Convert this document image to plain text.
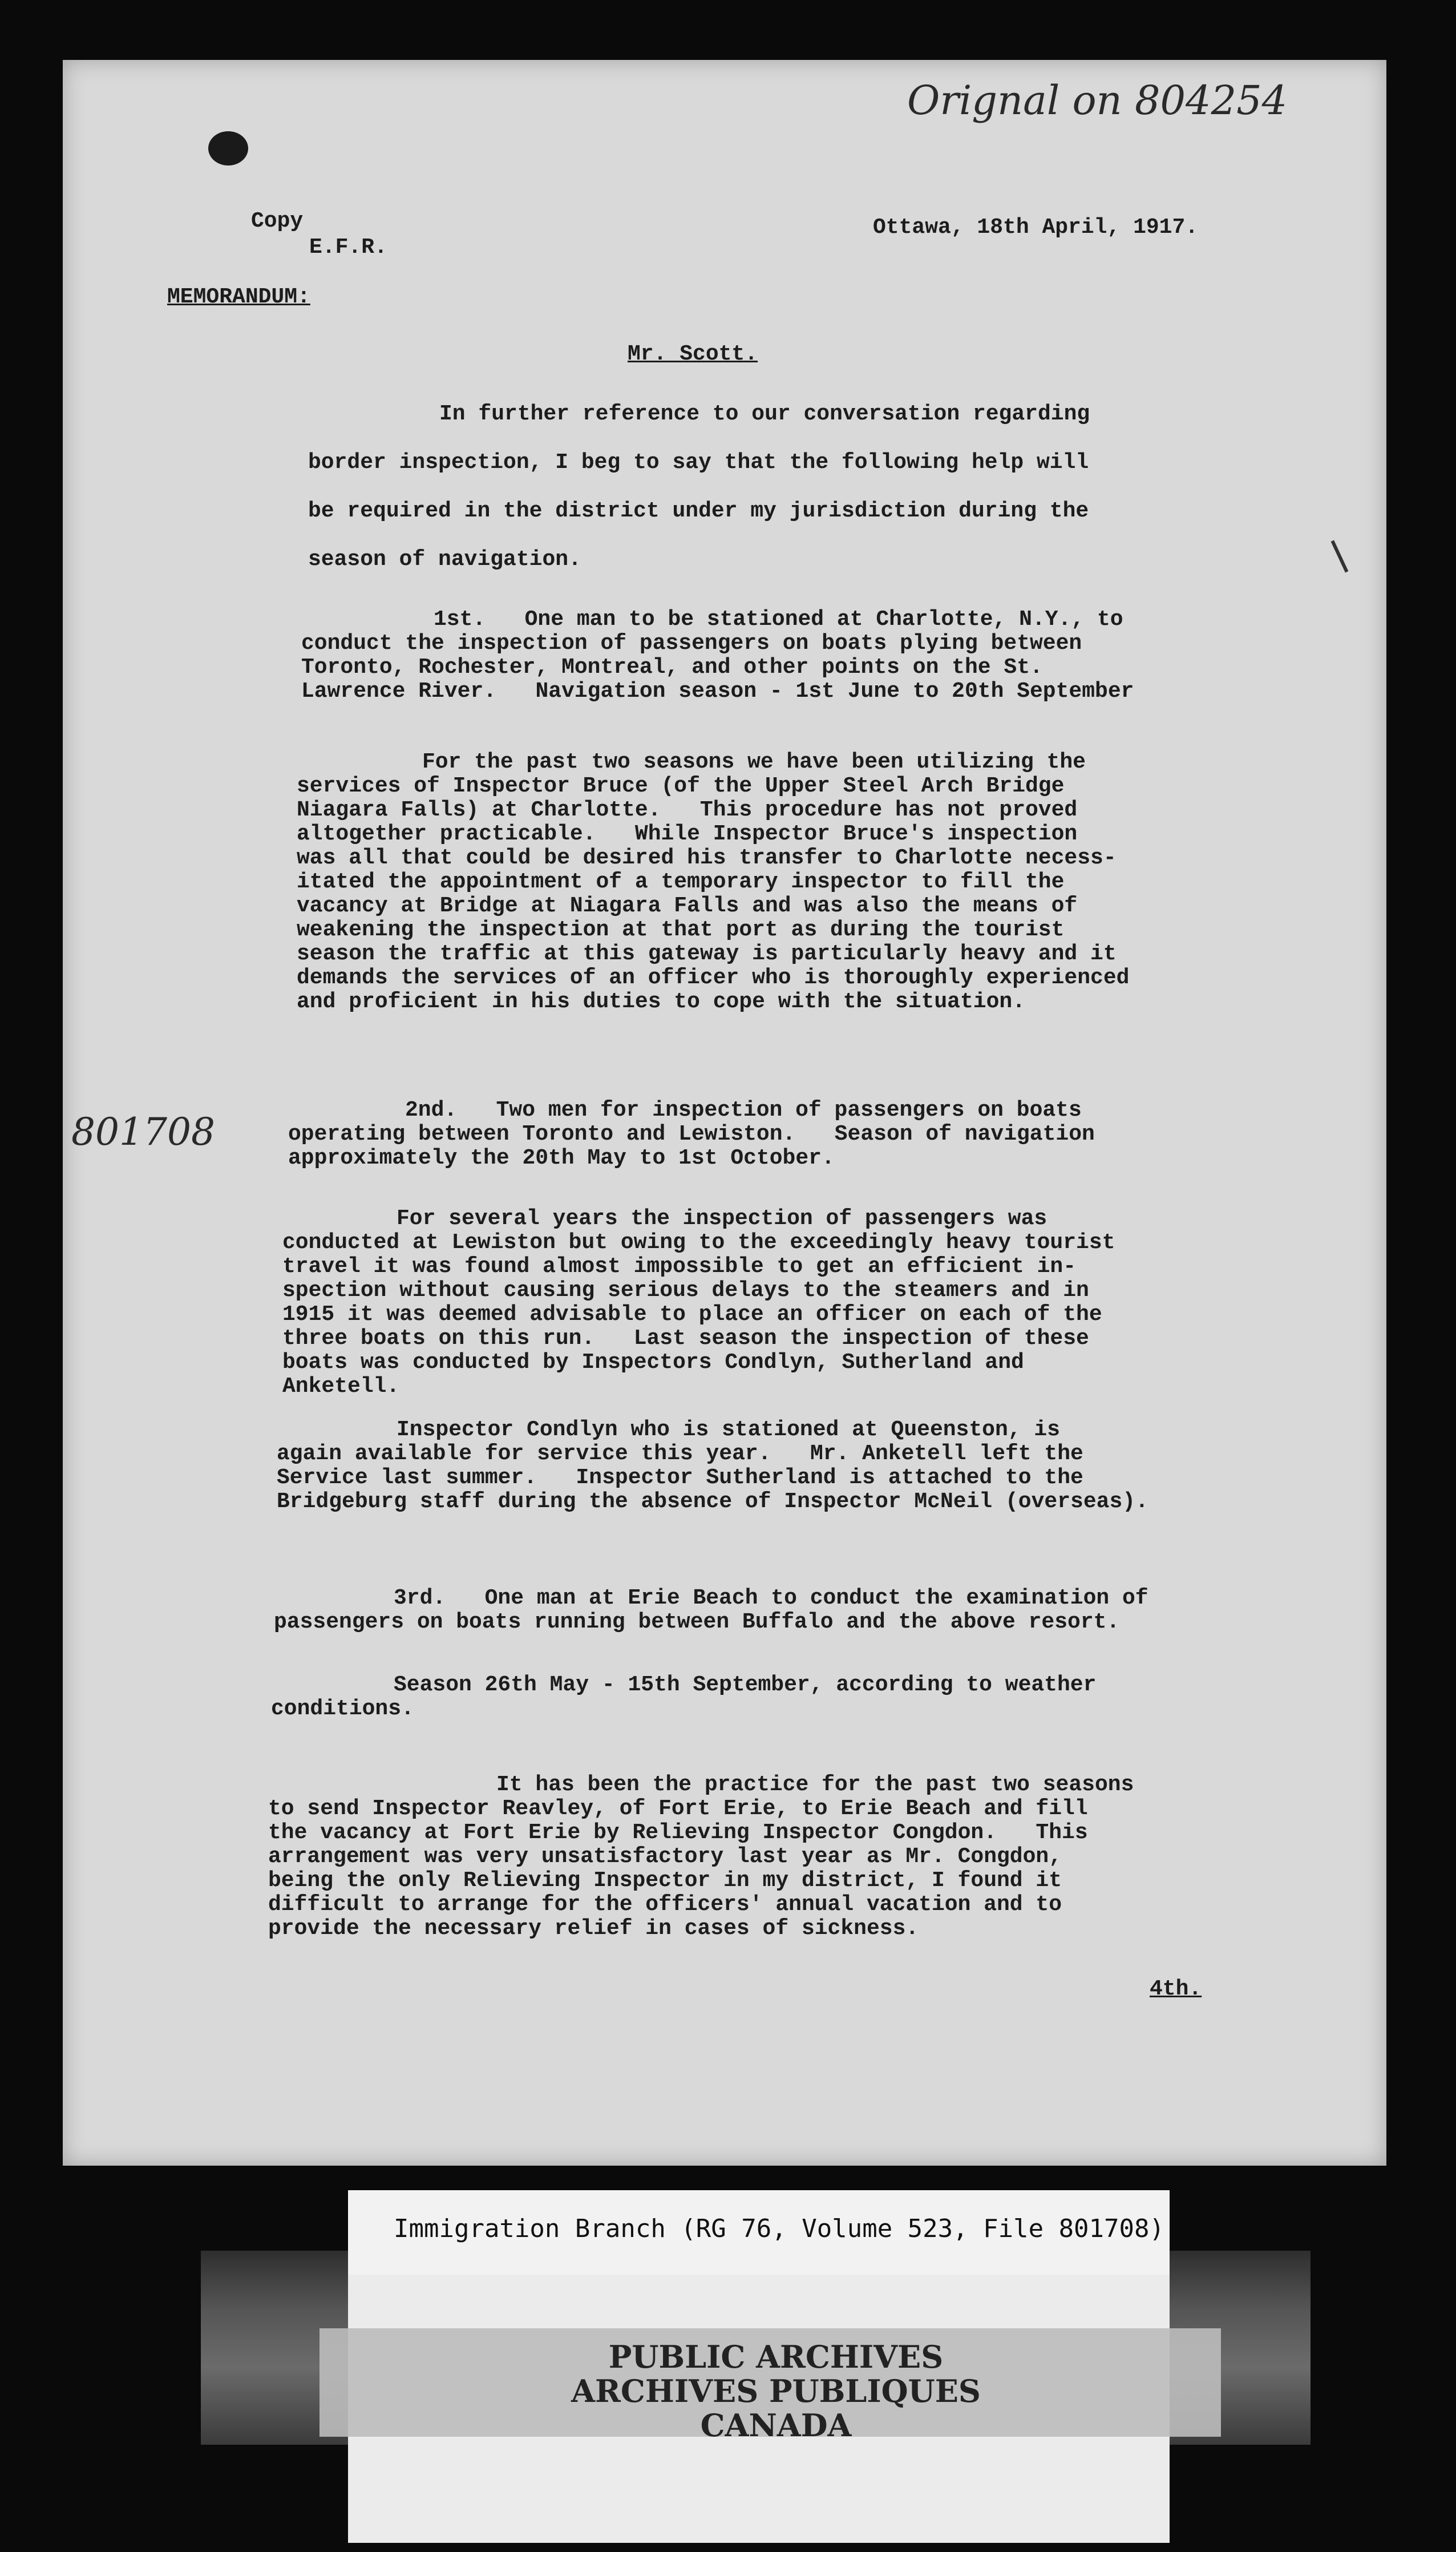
Orignal on 804254
801708
Copy
E.F.R.
Ottawa, 18th April, 1917.
MEMORANDUM:
Mr. Scott.
In further reference to our conversation regarding
border inspection, I beg to say that the following help will
be required in the district under my jurisdiction during the
season of navigation.
1st.   One man to be stationed at Charlotte, N.Y., to
conduct the inspection of passengers on boats plying between
Toronto, Rochester, Montreal, and other points on the St.
Lawrence River.   Navigation season - 1st June to 20th September
For the past two seasons we have been utilizing the
services of Inspector Bruce (of the Upper Steel Arch Bridge
Niagara Falls) at Charlotte.   This procedure has not proved
altogether practicable.   While Inspector Bruce's inspection
was all that could be desired his transfer to Charlotte necess-
itated the appointment of a temporary inspector to fill the
vacancy at Bridge at Niagara Falls and was also the means of
weakening the inspection at that port as during the tourist
season the traffic at this gateway is particularly heavy and it
demands the services of an officer who is thoroughly experienced
and proficient in his duties to cope with the situation.
2nd.   Two men for inspection of passengers on boats
operating between Toronto and Lewiston.   Season of navigation
approximately the 20th May to 1st October.
For several years the inspection of passengers was
conducted at Lewiston but owing to the exceedingly heavy tourist
travel it was found almost impossible to get an efficient in-
spection without causing serious delays to the steamers and in
1915 it was deemed advisable to place an officer on each of the
three boats on this run.   Last season the inspection of these
boats was conducted by Inspectors Condlyn, Sutherland and
Anketell.
Inspector Condlyn who is stationed at Queenston, is
again available for service this year.   Mr. Anketell left the
Service last summer.   Inspector Sutherland is attached to the
Bridgeburg staff during the absence of Inspector McNeil (overseas).
3rd.   One man at Erie Beach to conduct the examination of
passengers on boats running between Buffalo and the above resort.
Season 26th May - 15th September, according to weather
conditions.
It has been the practice for the past two seasons
to send Inspector Reavley, of Fort Erie, to Erie Beach and fill
the vacancy at Fort Erie by Relieving Inspector Congdon.   This
arrangement was very unsatisfactory last year as Mr. Congdon,
being the only Relieving Inspector in my district, I found it
difficult to arrange for the officers' annual vacation and to
provide the necessary relief in cases of sickness.
4th.
PUBLIC ARCHIVES
ARCHIVES PUBLIQUES
CANADA
Immigration Branch (RG 76, Volume 523, File 801708)
